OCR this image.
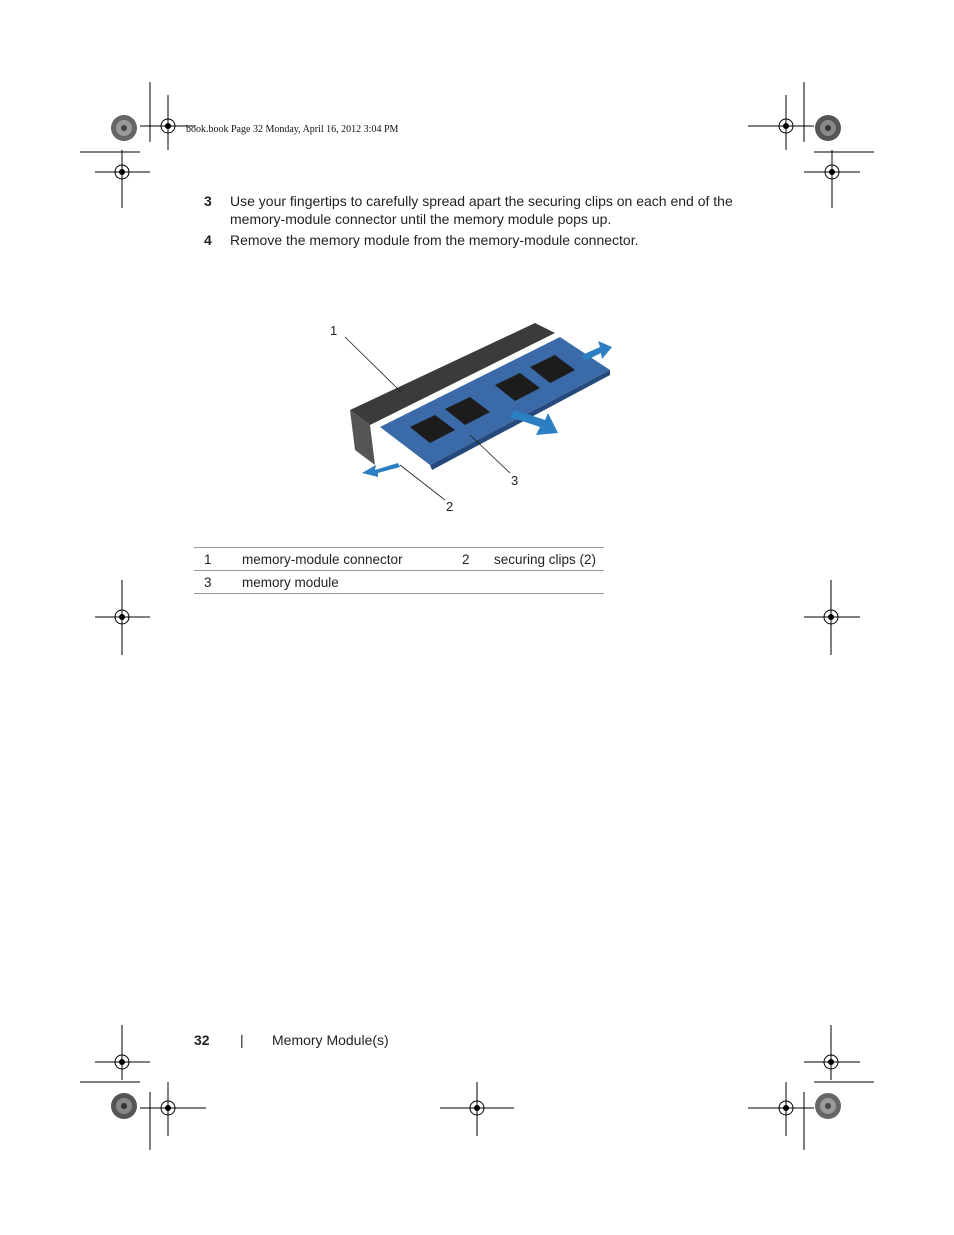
book.book Page 32 Monday, April 16, 2012 3:04 PM
3 Use your fingertips to carefully spread apart the securing clips on each end of the memory-module connector until the memory module pops up.
4 Remove the memory module from the memory-module connector.
1
2
3
1	memory-module connector	2	securing clips (2)
3	memory module		
32 | Memory Module(s)
